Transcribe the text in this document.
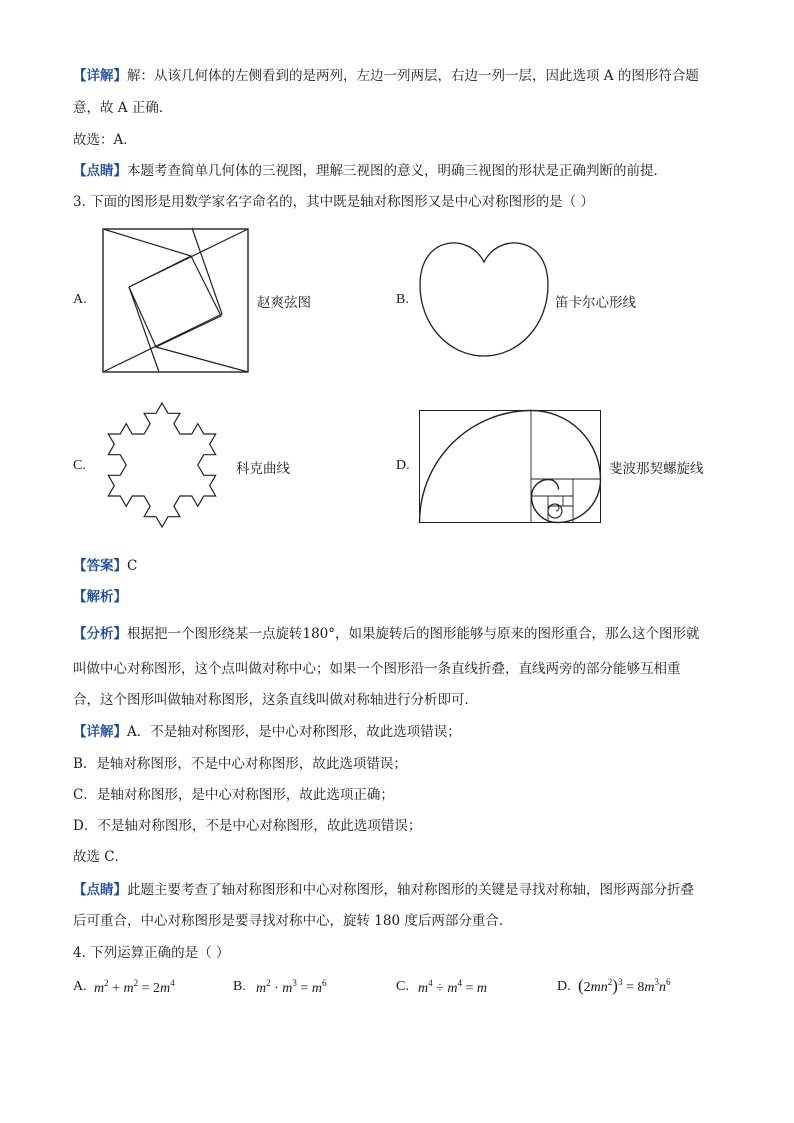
【详解】解：从该几何体的左侧看到的是两列，左边一列两层，右边一列一层，因此选项 A 的图形符合题
意，故 A 正确．
故选：A．
【点睛】本题考查简单几何体的三视图，理解三视图的意义，明确三视图的形状是正确判断的前提．
3. 下面的图形是用数学家名字命名的，其中既是轴对称图形又是中心对称图形的是（ ）
A.	赵爽弦图	B.	笛卡尔心形线
C.	科克曲线	D.	斐波那契螺旋线
【答案】C
【解析】
【分析】根据把一个图形绕某一点旋转180°，如果旋转后的图形能够与原来的图形重合，那么这个图形就
叫做中心对称图形，这个点叫做对称中心；如果一个图形沿一条直线折叠，直线两旁的部分能够互相重
合，这个图形叫做轴对称图形，这条直线叫做对称轴进行分析即可．
【详解】A．不是轴对称图形，是中心对称图形，故此选项错误；
B．是轴对称图形，不是中心对称图形，故此选项错误；
C．是轴对称图形，是中心对称图形，故此选项正确；
D．不是轴对称图形，不是中心对称图形，故此选项错误；
故选 C．
【点睛】此题主要考查了轴对称图形和中心对称图形，轴对称图形的关键是寻找对称轴，图形两部分折叠
后可重合，中心对称图形是要寻找对称中心，旋转 180 度后两部分重合．
4. 下列运算正确的是（ ）
A. $m^2 + m^2 = 2m^4$	B. $m^2 \cdot m^3 = m^6$	C. $m^4 \div m^4 = m$	D. $(2mn^2)^3 = 8m^3n^6$
